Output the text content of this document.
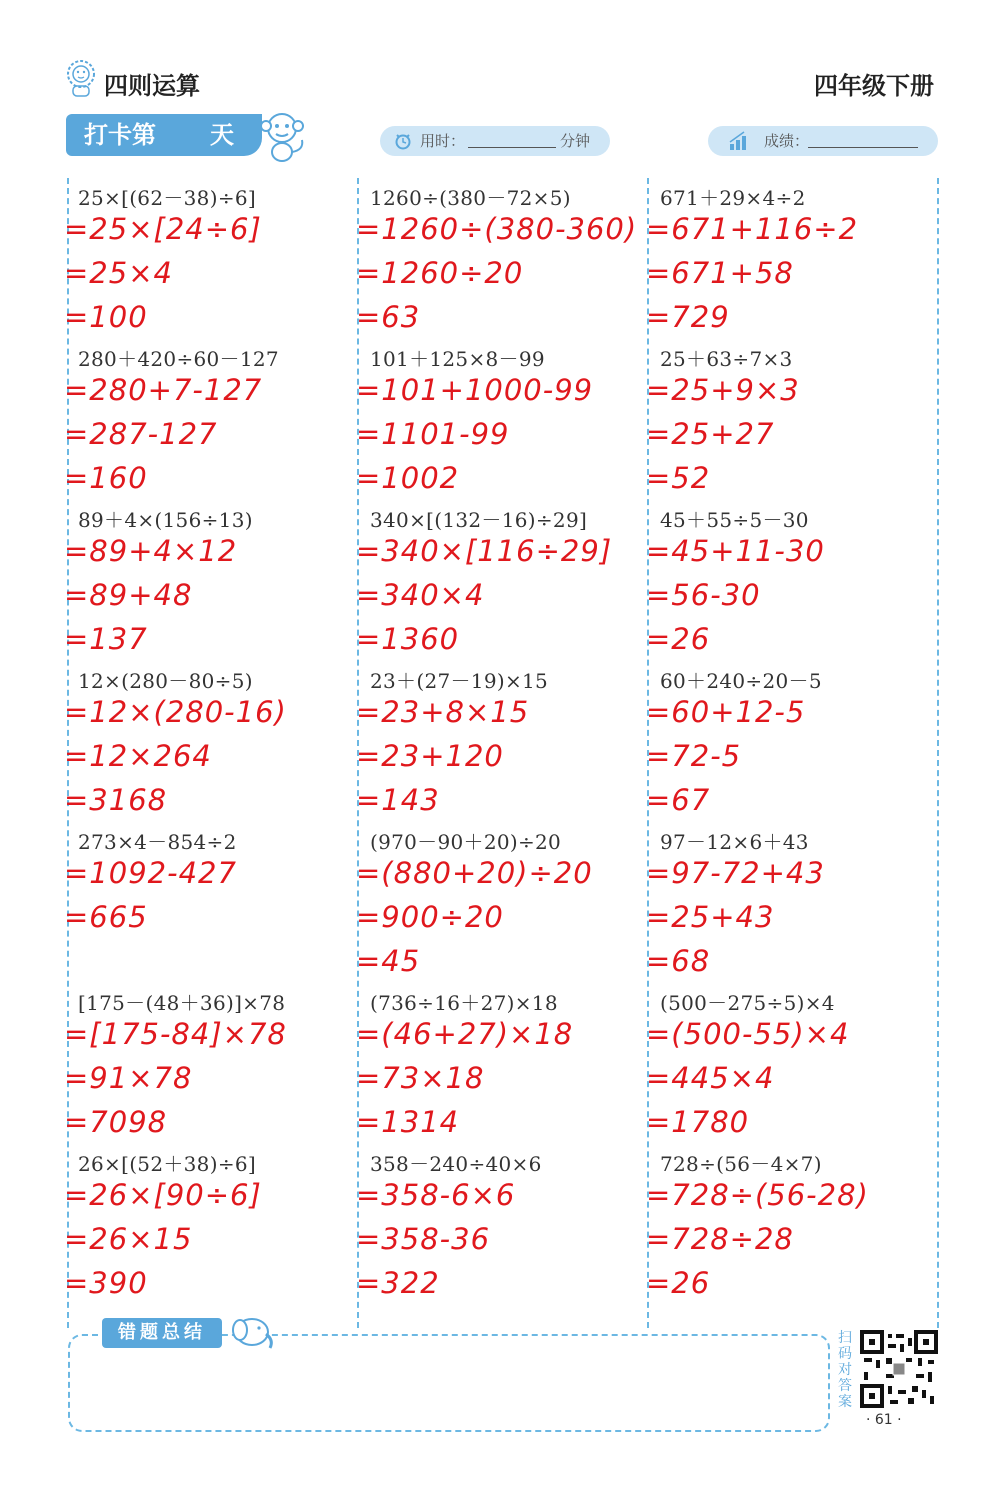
四则运算	四年级下册
打卡第 天	用时：	分钟	成绩：
25×[(62－38)÷6]
=25×[24÷6]
=25×4
=100
280＋420÷60－127
=280+7-127
=287-127
=160
89＋4×(156÷13)
=89+4×12
=89+48
=137
12×(280－80÷5)
=12×(280-16)
=12×264
=3168
273×4－854÷2
=1092-427
=665
[175－(48＋36)]×78
=[175-84]×78
=91×78
=7098
26×[(52＋38)÷6]
=26×[90÷6]
=26×15
=390
1260÷(380－72×5)
=1260÷(380-360)
=1260÷20
=63
101＋125×8－99
=101+1000-99
=1101-99
=1002
340×[(132－16)÷29]
=340×[116÷29]
=340×4
=1360
23＋(27－19)×15
=23+8×15
=23+120
=143
(970－90＋20)÷20
=(880+20)÷20
=900÷20
=45
(736÷16＋27)×18
=(46+27)×18
=73×18
=1314
358－240÷40×6
=358-6×6
=358-36
=322
671＋29×4÷2
=671+116÷2
=671+58
=729
25＋63÷7×3
=25+9×3
=25+27
=52
45＋55÷5－30
=45+11-30
=56-30
=26
60＋240÷20－5
=60+12-5
=72-5
=67
97－12×6＋43
=97-72+43
=25+43
=68
(500－275÷5)×4
=(500-55)×4
=445×4
=1780
728÷(56－4×7)
=728÷(56-28)
=728÷28
=26
错题总结	扫码对答案
· 61 ·
